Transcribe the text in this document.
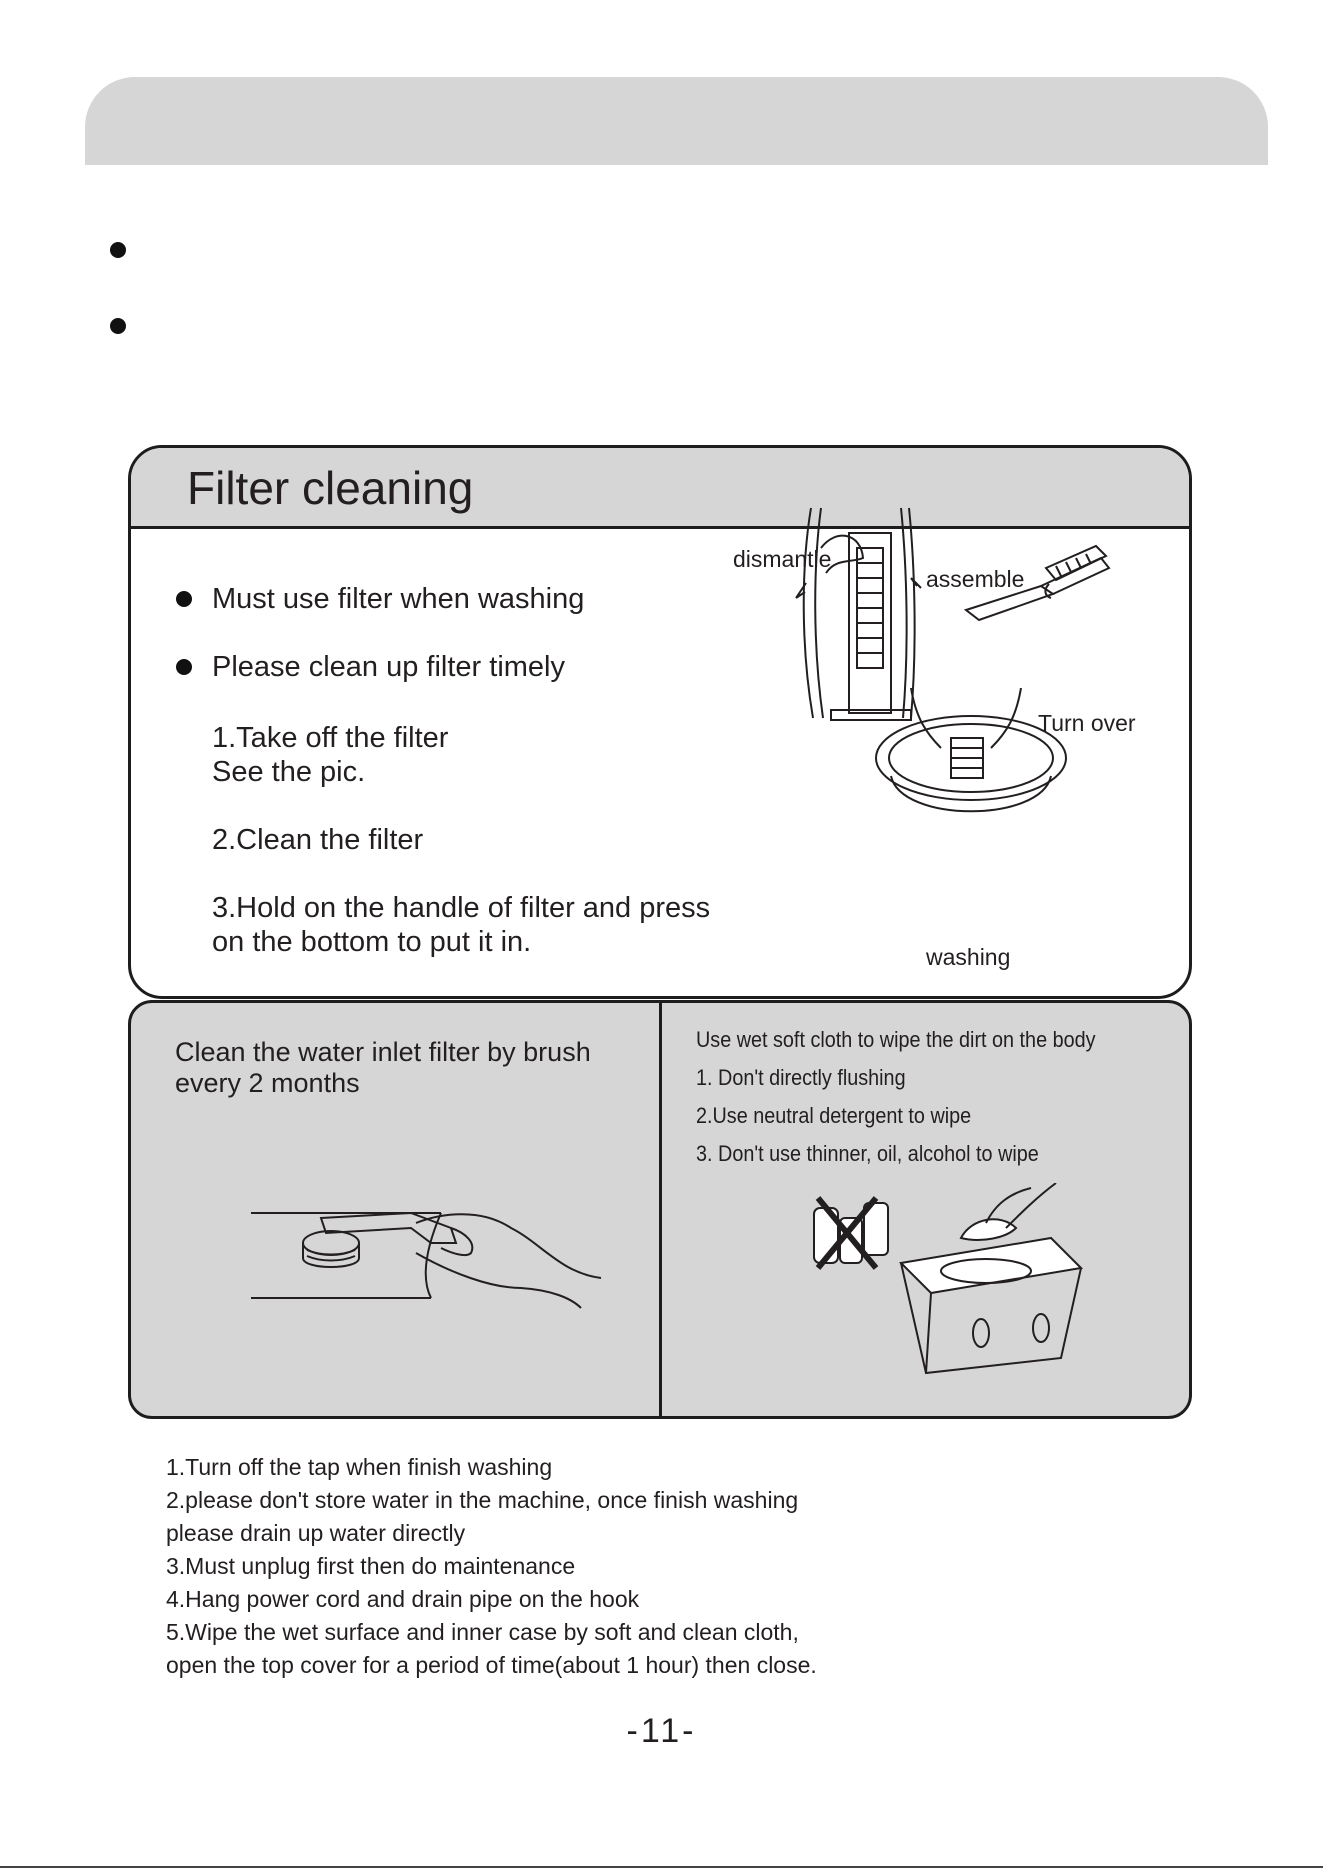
Filter cleaning
Must use filter when washing
Please clean up filter timely
1.Take off the filter
See the pic.
2.Clean the filter
3.Hold on the handle of filter and press
on the bottom to put it in.
dismantle
assemble
Turn over
washing
Clean the water inlet filter by brush
every 2 months
Use wet soft cloth to wipe the dirt on the body
1. Don't directly flushing
2.Use neutral detergent to wipe
3. Don't use thinner, oil, alcohol to wipe
1.Turn off the tap when finish washing
2.please don't store water in the machine, once finish washing
please drain up water directly
3.Must unplug first then do maintenance
4.Hang power cord and drain pipe on the hook
5.Wipe the wet surface and inner case by soft and clean cloth,
open the top cover for a period of time(about 1 hour) then close.
-11-
